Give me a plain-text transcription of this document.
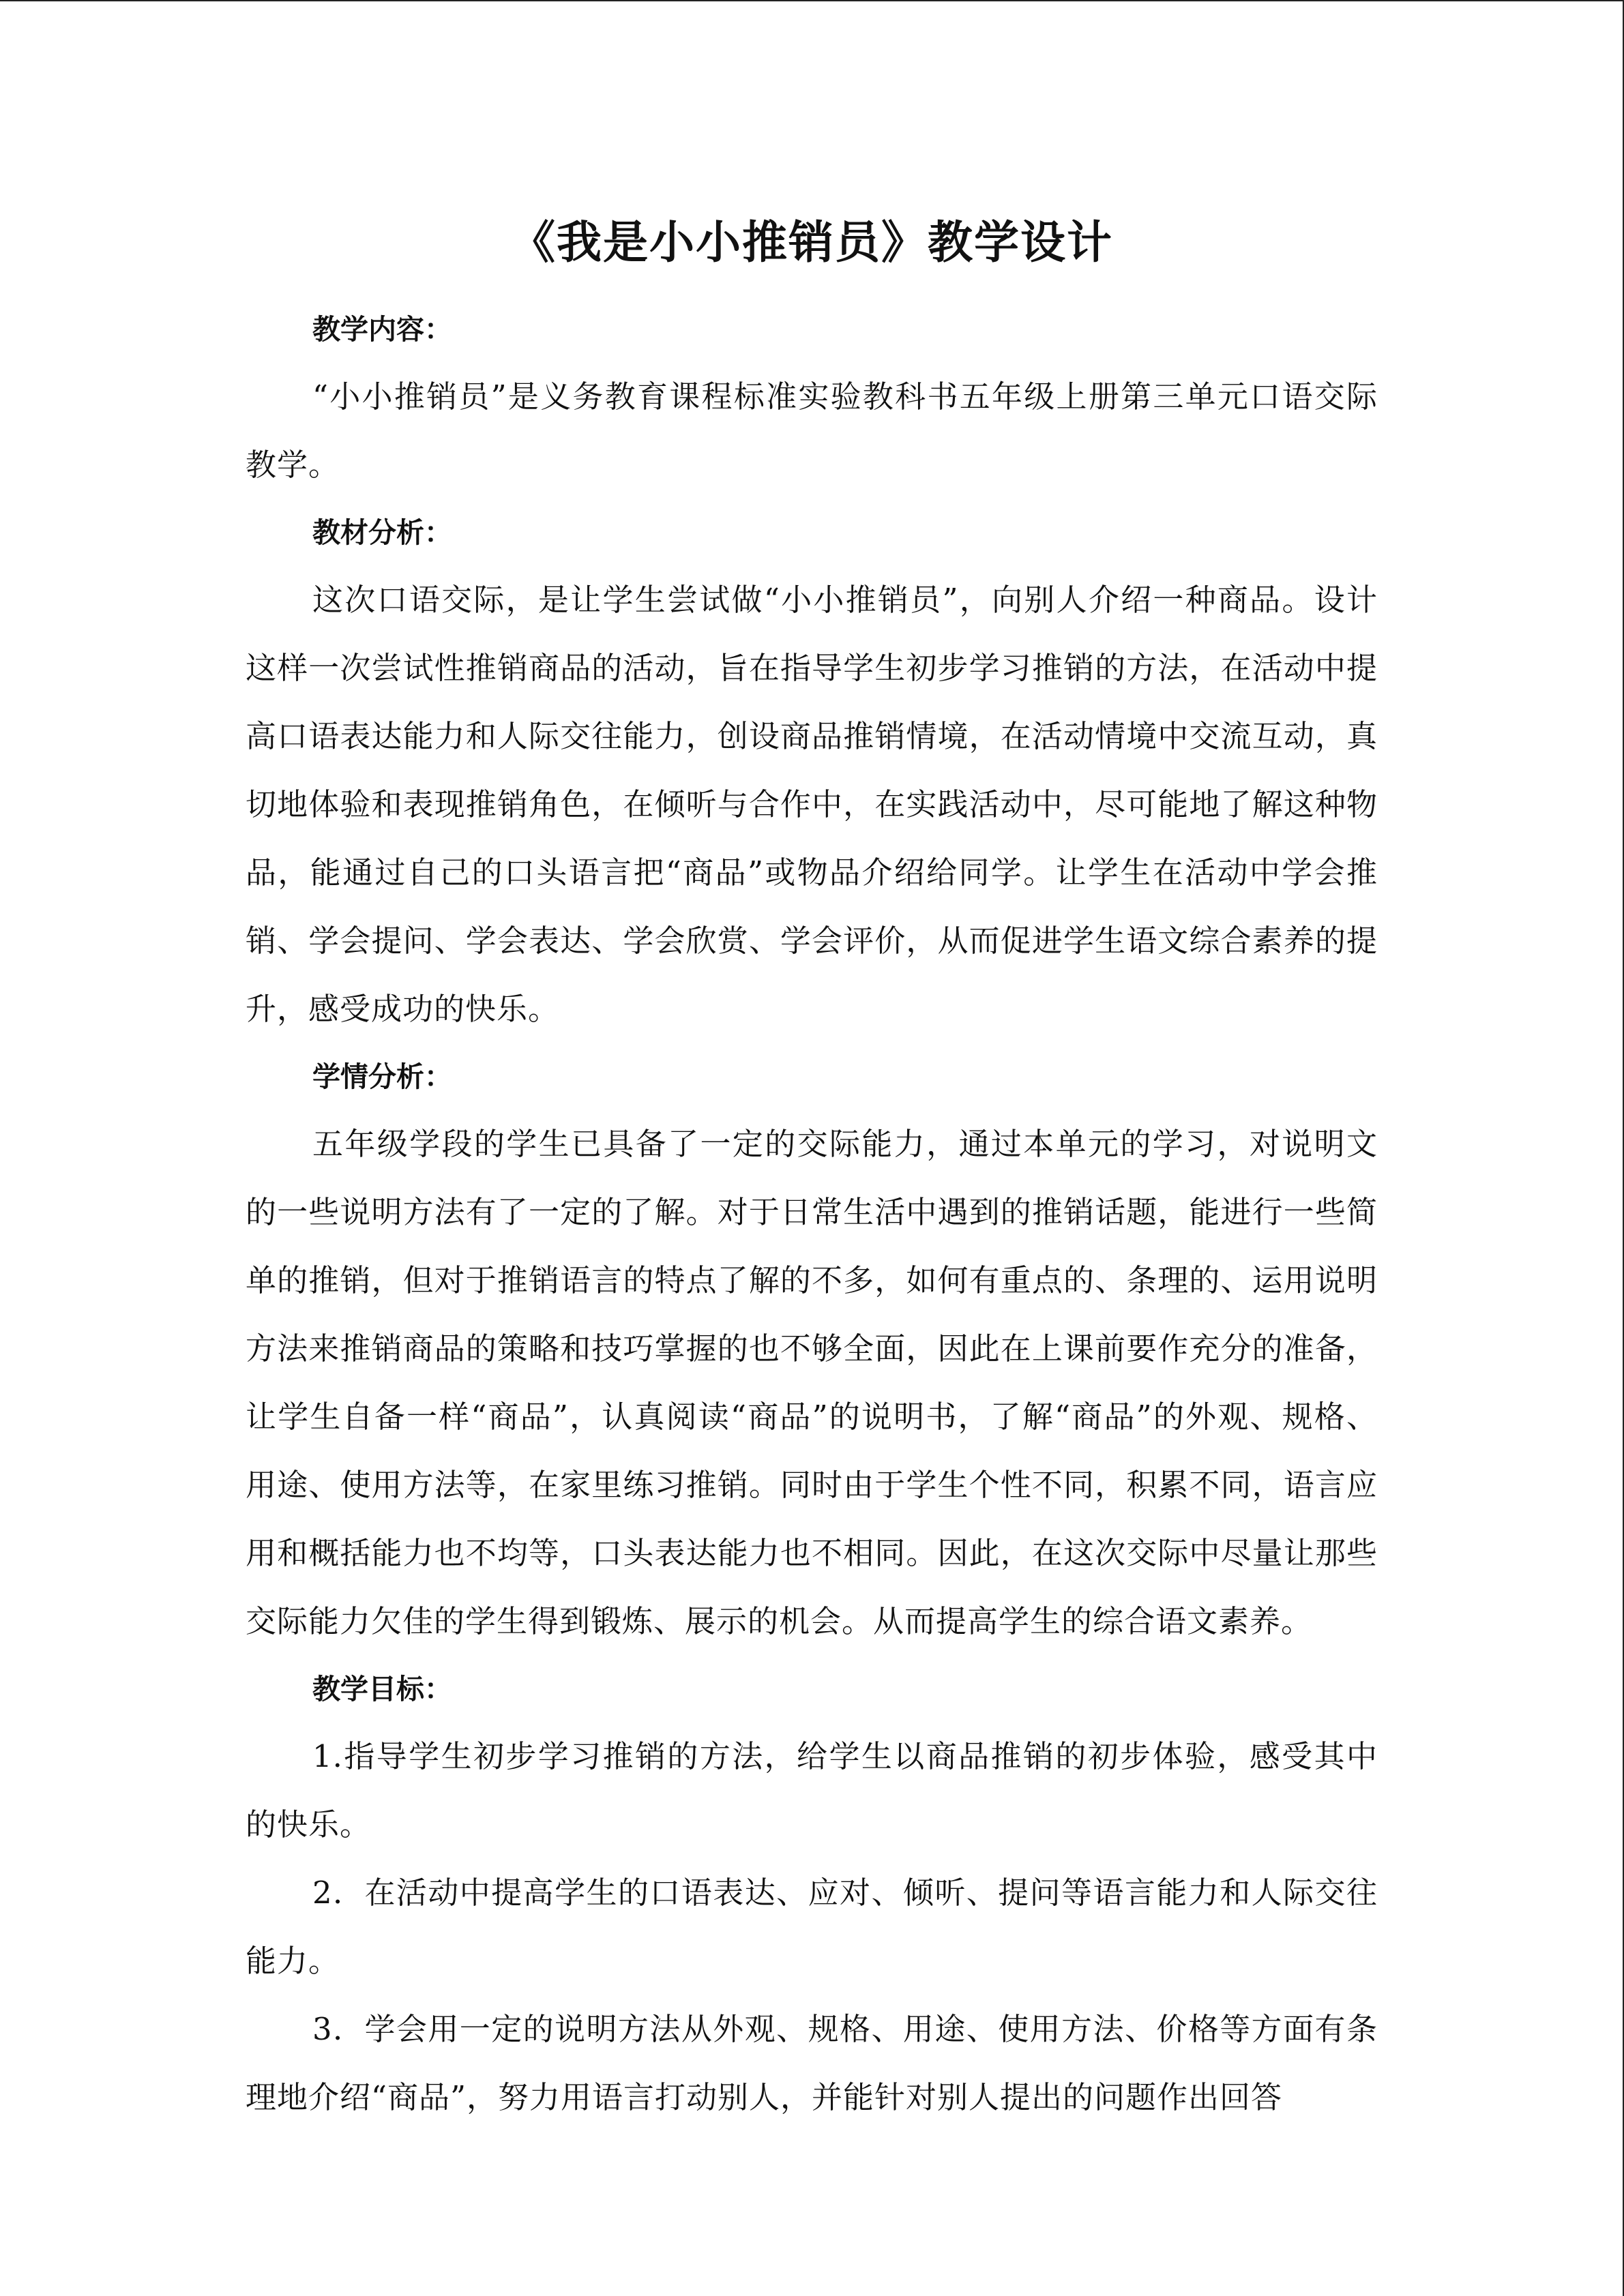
《我是小小推销员》教学设计

教学内容：

“小小推销员”是义务教育课程标准实验教科书五年级上册第三单元口语交际教学。

教材分析：

这次口语交际，是让学生尝试做“小小推销员”，向别人介绍一种商品。设计这样一次尝试性推销商品的活动，旨在指导学生初步学习推销的方法，在活动中提高口语表达能力和人际交往能力，创设商品推销情境，在活动情境中交流互动，真切地体验和表现推销角色，在倾听与合作中，在实践活动中，尽可能地了解这种物品，能通过自己的口头语言把“商品”或物品介绍给同学。让学生在活动中学会推销、学会提问、学会表达、学会欣赏、学会评价，从而促进学生语文综合素养的提升，感受成功的快乐。

学情分析：

五年级学段的学生已具备了一定的交际能力，通过本单元的学习，对说明文的一些说明方法有了一定的了解。对于日常生活中遇到的推销话题，能进行一些简单的推销，但对于推销语言的特点了解的不多，如何有重点的、条理的、运用说明方法来推销商品的策略和技巧掌握的也不够全面，因此在上课前要作充分的准备，让学生自备一样“商品”，认真阅读“商品”的说明书，了解“商品”的外观、规格、用途、使用方法等，在家里练习推销。同时由于学生个性不同，积累不同，语言应用和概括能力也不均等，口头表达能力也不相同。因此，在这次交际中尽量让那些交际能力欠佳的学生得到锻炼、展示的机会。从而提高学生的综合语文素养。

教学目标：

1.指导学生初步学习推销的方法，给学生以商品推销的初步体验，感受其中的快乐。

2．在活动中提高学生的口语表达、应对、倾听、提问等语言能力和人际交往能力。

3．学会用一定的说明方法从外观、规格、用途、使用方法、价格等方面有条理地介绍“商品”，努力用语言打动别人，并能针对别人提出的问题作出回答
